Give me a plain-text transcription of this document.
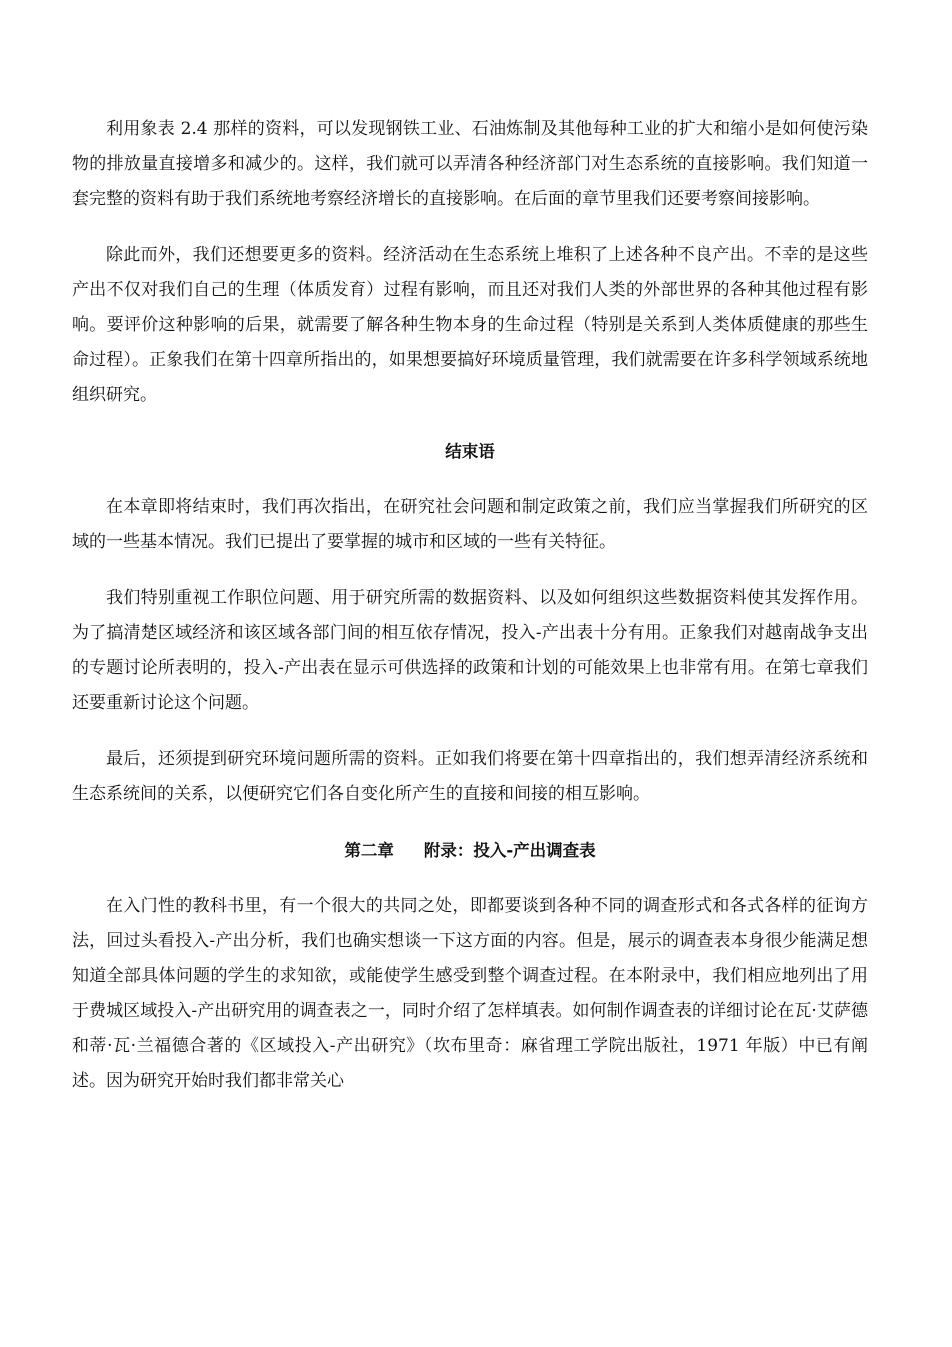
利用象表 2.4 那样的资料，可以发现钢铁工业、石油炼制及其他每种工业的扩大和缩小是如何使污染物的排放量直接增多和减少的。这样，我们就可以弄清各种经济部门对生态系统的直接影响。我们知道一套完整的资料有助于我们系统地考察经济增长的直接影响。在后面的章节里我们还要考察间接影响。

除此而外，我们还想要更多的资料。经济活动在生态系统上堆积了上述各种不良产出。不幸的是这些产出不仅对我们自己的生理（体质发育）过程有影响，而且还对我们人类的外部世界的各种其他过程有影响。要评价这种影响的后果，就需要了解各种生物本身的生命过程（特别是关系到人类体质健康的那些生命过程）。正象我们在第十四章所指出的，如果想要搞好环境质量管理，我们就需要在许多科学领域系统地组织研究。

结束语

在本章即将结束时，我们再次指出，在研究社会问题和制定政策之前，我们应当掌握我们所研究的区域的一些基本情况。我们已提出了要掌握的城市和区域的一些有关特征。

我们特别重视工作职位问题、用于研究所需的数据资料、以及如何组织这些数据资料使其发挥作用。为了搞清楚区域经济和该区域各部门间的相互依存情况，投入-产出表十分有用。正象我们对越南战争支出的专题讨论所表明的，投入-产出表在显示可供选择的政策和计划的可能效果上也非常有用。在第七章我们还要重新讨论这个问题。

最后，还须提到研究环境问题所需的资料。正如我们将要在第十四章指出的，我们想弄清经济系统和生态系统间的关系，以便研究它们各自变化所产生的直接和间接的相互影响。

第二章 附录：投入-产出调查表

在入门性的教科书里，有一个很大的共同之处，即都要谈到各种不同的调查形式和各式各样的征询方法，回过头看投入-产出分析，我们也确实想谈一下这方面的内容。但是，展示的调查表本身很少能满足想知道全部具体问题的学生的求知欲，或能使学生感受到整个调查过程。在本附录中，我们相应地列出了用于费城区域投入-产出研究用的调查表之一，同时介绍了怎样填表。如何制作调查表的详细讨论在瓦·艾萨德和蒂·瓦·兰福德合著的《区域投入-产出研究》（坎布里奇：麻省理工学院出版社，1971 年版）中已有阐述。因为研究开始时我们都非常关心
